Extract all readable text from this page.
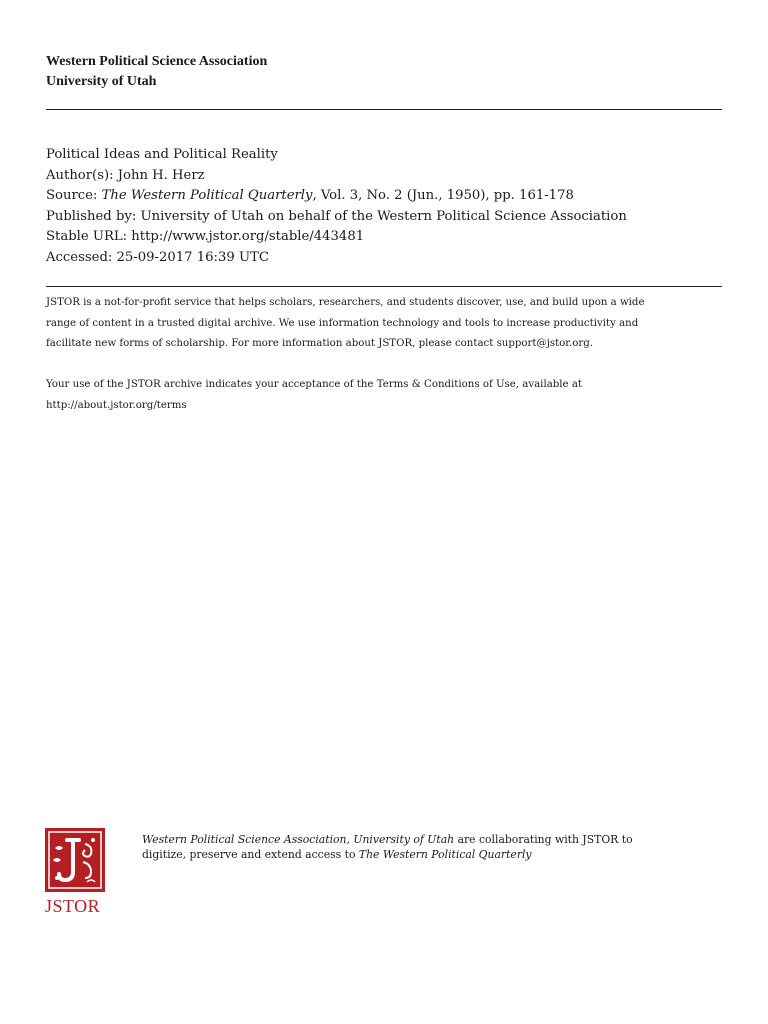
Western Political Science Association
University of Utah
Political Ideas and Political Reality
Author(s): John H. Herz
Source: The Western Political Quarterly, Vol. 3, No. 2 (Jun., 1950), pp. 161-178
Published by: University of Utah on behalf of the Western Political Science Association
Stable URL: http://www.jstor.org/stable/443481
Accessed: 25-09-2017 16:39 UTC
JSTOR is a not-for-profit service that helps scholars, researchers, and students discover, use, and build upon a wide
range of content in a trusted digital archive. We use information technology and tools to increase productivity and
facilitate new forms of scholarship. For more information about JSTOR, please contact support@jstor.org.
Your use of the JSTOR archive indicates your acceptance of the Terms & Conditions of Use, available at
http://about.jstor.org/terms
JSTOR
Western Political Science Association, University of Utah are collaborating with JSTOR to
digitize, preserve and extend access to The Western Political Quarterly
